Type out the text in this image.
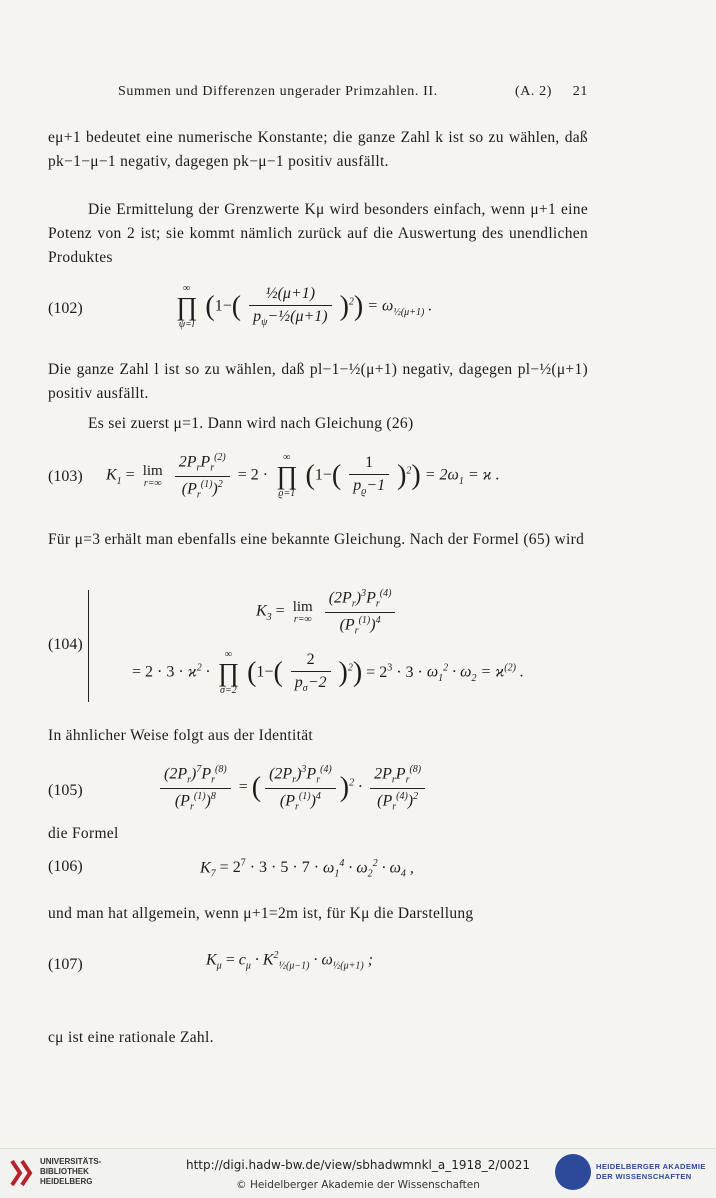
Summen und Differenzen ungerader Primzahlen. II.	(A. 2) 21
eμ+1 bedeutet eine numerische Konstante; die ganze Zahl k ist so zu wählen, daß pk−1−μ−1 negativ, dagegen pk−μ−1 positiv ausfällt.
Die Ermittelung der Grenzwerte Kμ wird besonders einfach, wenn μ+1 eine Potenz von 2 ist; sie kommt nämlich zurück auf die Auswertung des unendlichen Produktes
(102)
∞
∏
ψ=l
$(1-( \frac{\text{½(μ+1)}}{p_\psi-\frac{1}{2}(\mu+1)} )^2) = \omega_{\frac{1}{2}(\mu+1)}$ .
Die ganze Zahl l ist so zu wählen, daß pl−1−½(μ+1) negativ, dagegen pl−½(μ+1) positiv ausfällt.
Es sei zuerst μ=1. Dann wird nach Gleichung (26)
(103) $K_1 = \lim$
r=∞
$\frac{2P_rP_r^{(2)}}{(P_r^{(1)})^2} = 2$ ·
∞
∏
ϱ=1
$(1-( \frac{1}{p_ϱ-1} )^2) = 2\omega_1 = ϰ$ .
Für μ=3 erhält man ebenfalls eine bekannte Gleichung. Nach der Formel (65) wird
(104)
$K_3 = \lim$
r=∞
$\frac{(2P_r)^3P_r^{(4)}}{(P_r^{(1)})^4}$
= $2 \cdot 3 \cdot ϰ^2$ ·
∞
∏
σ=2
$(1-( \frac{2}{p_\sigma-2} )^2) = 2^3 \cdot 3 \cdot \omega_1^2 \cdot \omega_2 = ϰ^{(2)}$ .
In ähnlicher Weise folgt aus der Identität
(105)	$\frac{(2P_r)^7P_r^{(8)}}{(P_r^{(1)})^8}$ = ( $\frac{(2P_r)^3P_r^{(4)}}{(P_r^{(1)})^4} )^2 \cdot \frac{2P_rP_r^{(8)}}{(P_r^{(4)})^2}$
die Formel
(106)	$K_7 = 2^7 \cdot 3 \cdot 5 \cdot 7 \cdot \omega_1^4 \cdot \omega_2^2 \cdot \omega_4$ ,
und man hat allgemein, wenn μ+1=2m ist, für Kμ die Darstellung
(107)	$K_\mu = c_\mu \cdot K^2_{\frac{1}{2}(\mu-1)} \cdot \omega_{\frac{1}{2}(\mu+1)}$ ;
cμ ist eine rationale Zahl.
UNIVERSITÄTS-
BIBLIOTHEK
HEIDELBERG
http://digi.hadw-bw.de/view/sbhadwmnkl_a_1918_2/0021
© Heidelberger Akademie der Wissenschaften
HEIDELBERGER AKADEMIE
DER WISSENSCHAFTEN
